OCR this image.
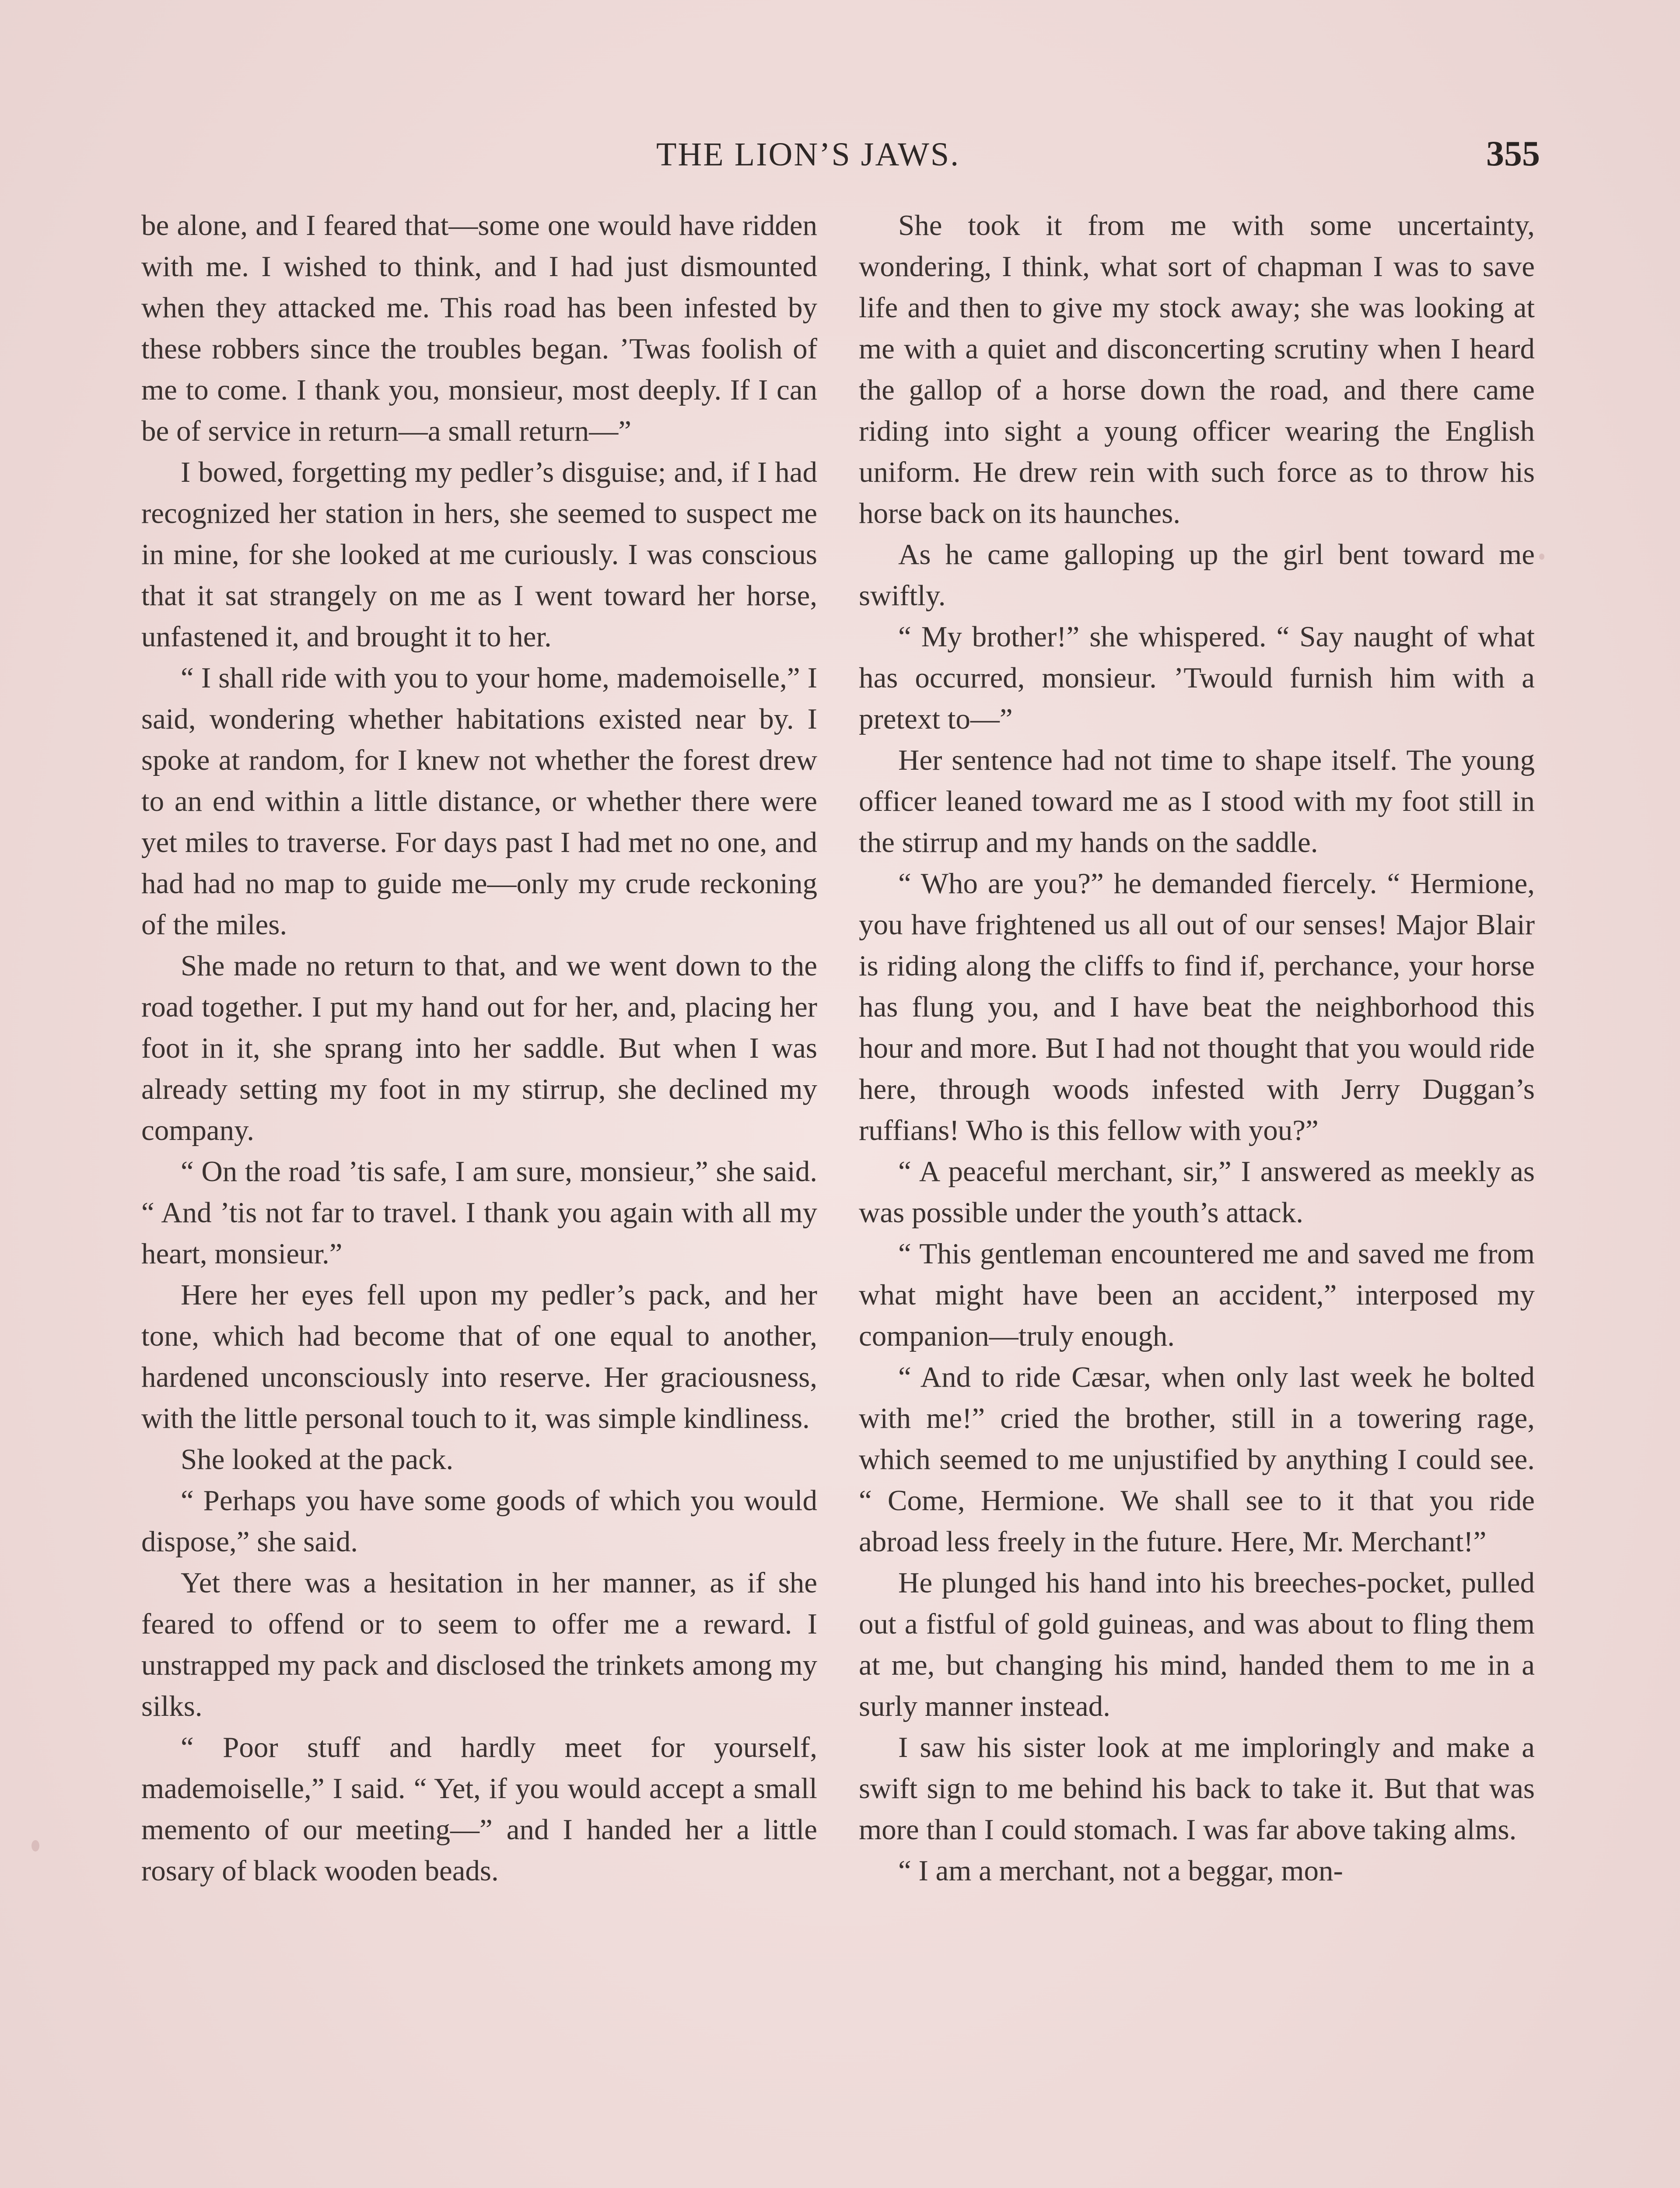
THE LION’S JAWS.	355

be alone, and I feared that—some one would have ridden with me. I wished to think, and I had just dismounted when they attacked me. This road has been infested by these robbers since the troubles began. ’Twas foolish of me to come. I thank you, monsieur, most deeply. If I can be of service in return—a small return—”

I bowed, forgetting my pedler’s disguise; and, if I had recognized her station in hers, she seemed to suspect me in mine, for she looked at me curiously. I was conscious that it sat strangely on me as I went toward her horse, unfastened it, and brought it to her.

“ I shall ride with you to your home, mademoiselle,” I said, wondering whether habitations existed near by. I spoke at random, for I knew not whether the forest drew to an end within a little distance, or whether there were yet miles to traverse. For days past I had met no one, and had had no map to guide me—only my crude reckoning of the miles.

She made no return to that, and we went down to the road together. I put my hand out for her, and, placing her foot in it, she sprang into her saddle. But when I was already setting my foot in my stirrup, she declined my company.

“ On the road ’tis safe, I am sure, monsieur,” she said. “ And ’tis not far to travel. I thank you again with all my heart, monsieur.”

Here her eyes fell upon my pedler’s pack, and her tone, which had become that of one equal to another, hardened unconsciously into reserve. Her graciousness, with the little personal touch to it, was simple kindliness.

She looked at the pack.

“ Perhaps you have some goods of which you would dispose,” she said.

Yet there was a hesitation in her manner, as if she feared to offend or to seem to offer me a reward. I unstrapped my pack and disclosed the trinkets among my silks.

“ Poor stuff and hardly meet for yourself, mademoiselle,” I said. “ Yet, if you would accept a small memento of our meeting—” and I handed her a little rosary of black wooden beads.

She took it from me with some uncertainty, wondering, I think, what sort of chapman I was to save life and then to give my stock away; she was looking at me with a quiet and disconcerting scrutiny when I heard the gallop of a horse down the road, and there came riding into sight a young officer wearing the English uniform. He drew rein with such force as to throw his horse back on its haunches.

As he came galloping up the girl bent toward me swiftly.

“ My brother!” she whispered. “ Say naught of what has occurred, monsieur. ’Twould furnish him with a pretext to—”

Her sentence had not time to shape itself. The young officer leaned toward me as I stood with my foot still in the stirrup and my hands on the saddle.

“ Who are you?” he demanded fiercely. “ Hermione, you have frightened us all out of our senses! Major Blair is riding along the cliffs to find if, perchance, your horse has flung you, and I have beat the neighborhood this hour and more. But I had not thought that you would ride here, through woods infested with Jerry Duggan’s ruffians! Who is this fellow with you?”

“ A peaceful merchant, sir,” I answered as meekly as was possible under the youth’s attack.

“ This gentleman encountered me and saved me from what might have been an accident,” interposed my companion—truly enough.

“ And to ride Cæsar, when only last week he bolted with me!” cried the brother, still in a towering rage, which seemed to me unjustified by anything I could see. “ Come, Hermione. We shall see to it that you ride abroad less freely in the future. Here, Mr. Merchant!”

He plunged his hand into his breeches-pocket, pulled out a fistful of gold guineas, and was about to fling them at me, but changing his mind, handed them to me in a surly manner instead.

I saw his sister look at me imploringly and make a swift sign to me behind his back to take it. But that was more than I could stomach. I was far above taking alms.

“ I am a merchant, not a beggar, mon-
